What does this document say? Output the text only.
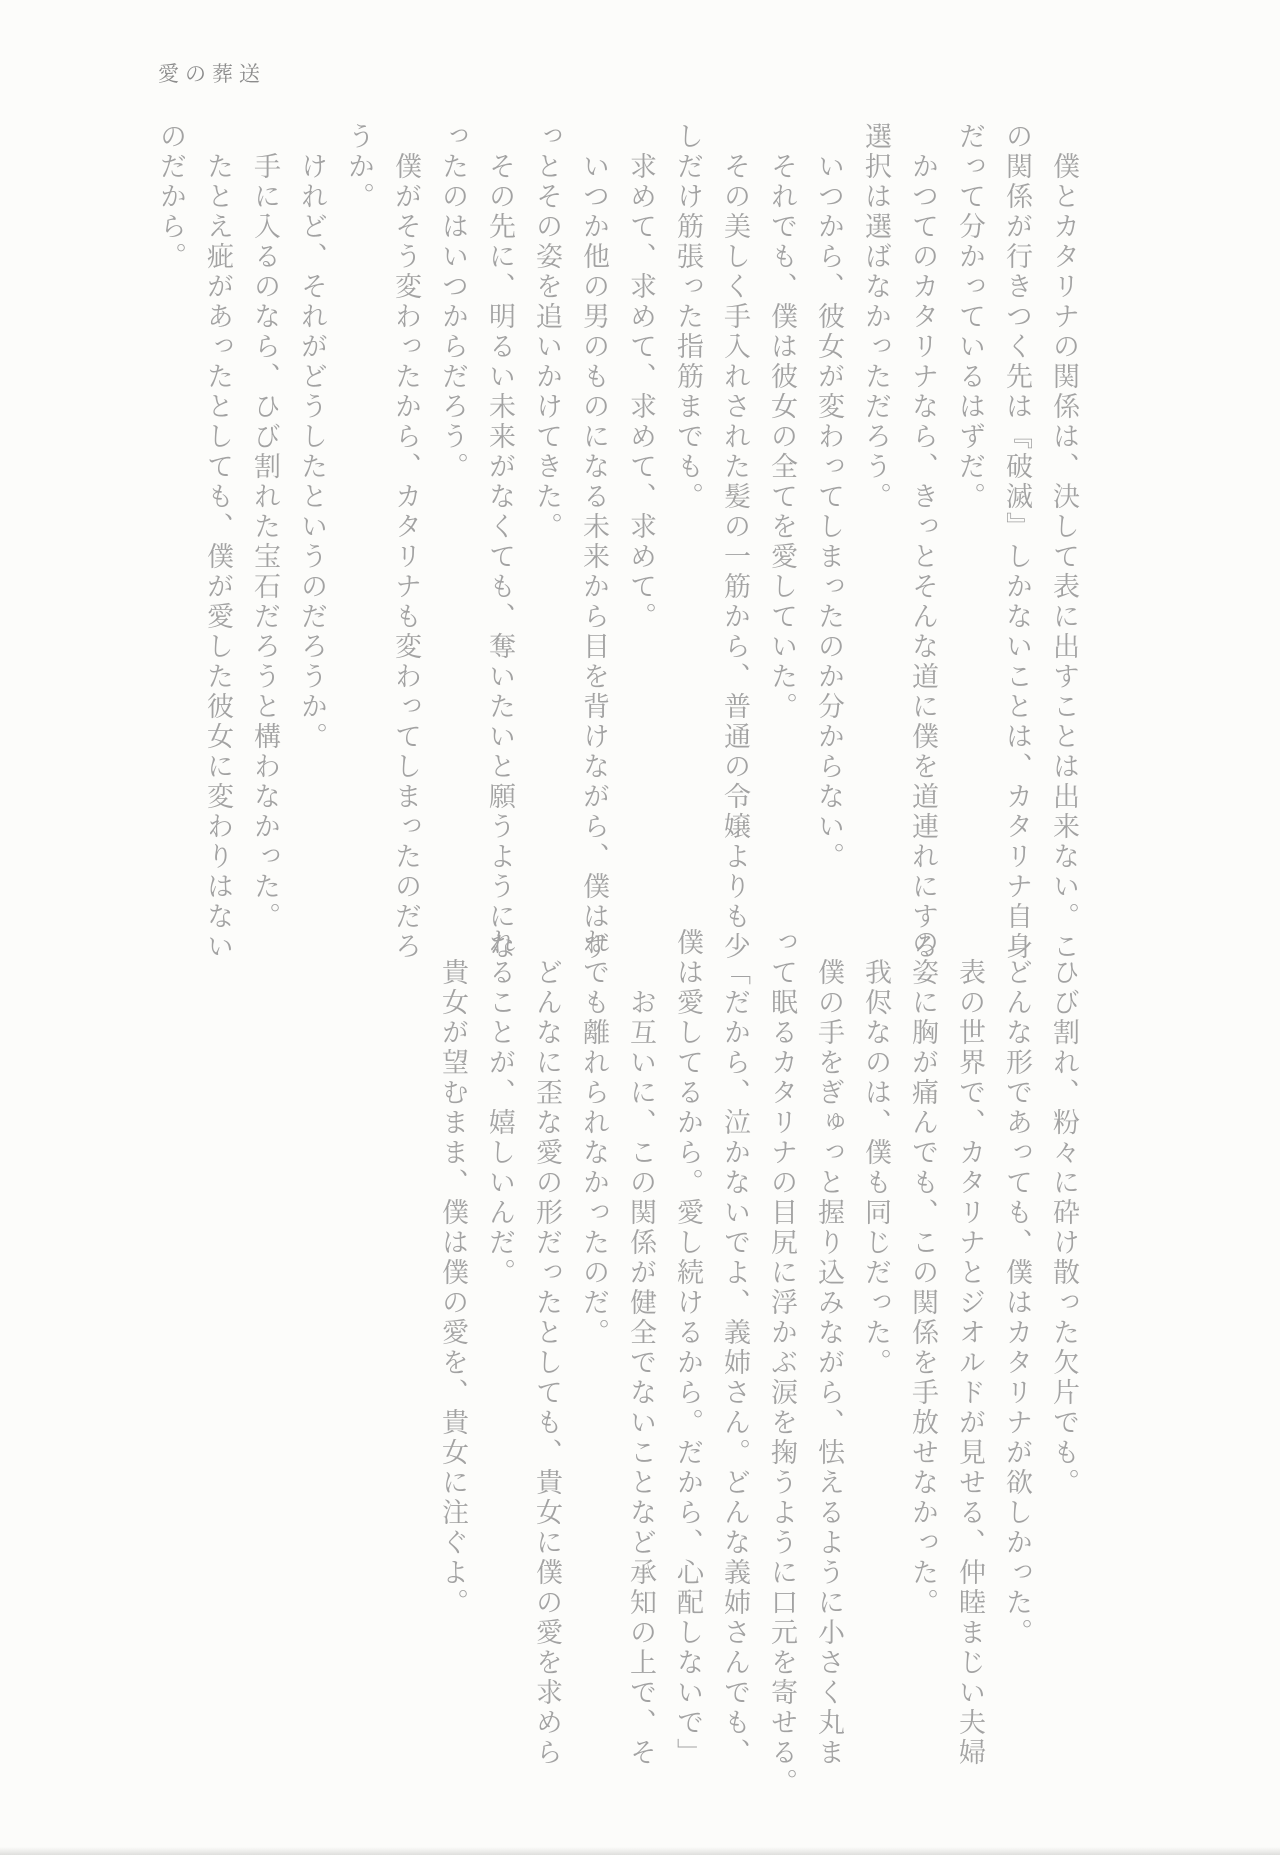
愛の葬送
僕とカタリナの関係は、決して表に出すことは出来ない。こ
の関係が行きつく先は『破滅』しかないことは、カタリナ自身
だって分かっているはずだ。
かつてのカタリナなら、きっとそんな道に僕を道連れにする
選択は選ばなかっただろう。
いつから、彼女が変わってしまったのか分からない。
それでも、僕は彼女の全てを愛していた。
その美しく手入れされた髪の一筋から、普通の令嬢よりも少
しだけ筋張った指筋までも。
求めて、求めて、求めて、求めて。
いつか他の男のものになる未来から目を背けながら、僕はず
っとその姿を追いかけてきた。
その先に、明るい未来がなくても、奪いたいと願うようにな
ったのはいつからだろう。
僕がそう変わったから、カタリナも変わってしまったのだろ
うか。
けれど、それがどうしたというのだろうか。
手に入るのなら、ひび割れた宝石だろうと構わなかった。
たとえ疵があったとしても、僕が愛した彼女に変わりはない
のだから。
ひび割れ、粉々に砕け散った欠片でも。
どんな形であっても、僕はカタリナが欲しかった。
表の世界で、カタリナとジオルドが見せる、仲睦まじい夫婦
の姿に胸が痛んでも、この関係を手放せなかった。
我侭なのは、僕も同じだった。
僕の手をぎゅっと握り込みながら、怯えるように小さく丸ま
って眠るカタリナの目尻に浮かぶ涙を掬うように口元を寄せる。
「だから、泣かないでよ、義姉さん。どんな義姉さんでも、
僕は愛してるから。愛し続けるから。だから、心配しないで」
お互いに、この関係が健全でないことなど承知の上で、そ
れでも離れられなかったのだ。
どんなに歪な愛の形だったとしても、貴女に僕の愛を求めら
れることが、嬉しいんだ。
貴女が望むまま、僕は僕の愛を、貴女に注ぐよ。
